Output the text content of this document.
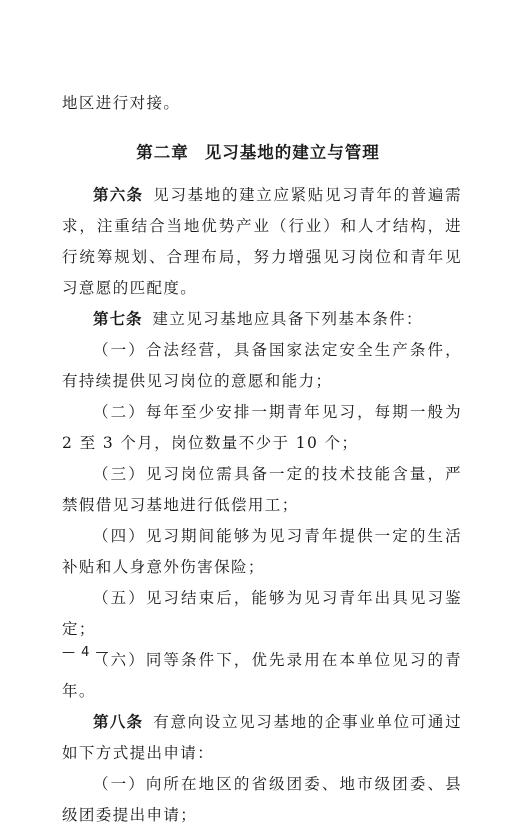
地区进行对接。

第二章 见习基地的建立与管理

第六条 见习基地的建立应紧贴见习青年的普遍需求，注重结合当地优势产业（行业）和人才结构，进行统筹规划、合理布局，努力增强见习岗位和青年见习意愿的匹配度。

第七条 建立见习基地应具备下列基本条件：

（一）合法经营，具备国家法定安全生产条件，有持续提供见习岗位的意愿和能力；

（二）每年至少安排一期青年见习，每期一般为 2 至 3 个月，岗位数量不少于 10 个；

（三）见习岗位需具备一定的技术技能含量，严禁假借见习基地进行低偿用工；

（四）见习期间能够为见习青年提供一定的生活补贴和人身意外伤害保险；

（五）见习结束后，能够为见习青年出具见习鉴定；

（六）同等条件下，优先录用在本单位见习的青年。

第八条 有意向设立见习基地的企事业单位可通过如下方式提出申请：

（一）向所在地区的省级团委、地市级团委、县级团委提出申请；

— 4 —
